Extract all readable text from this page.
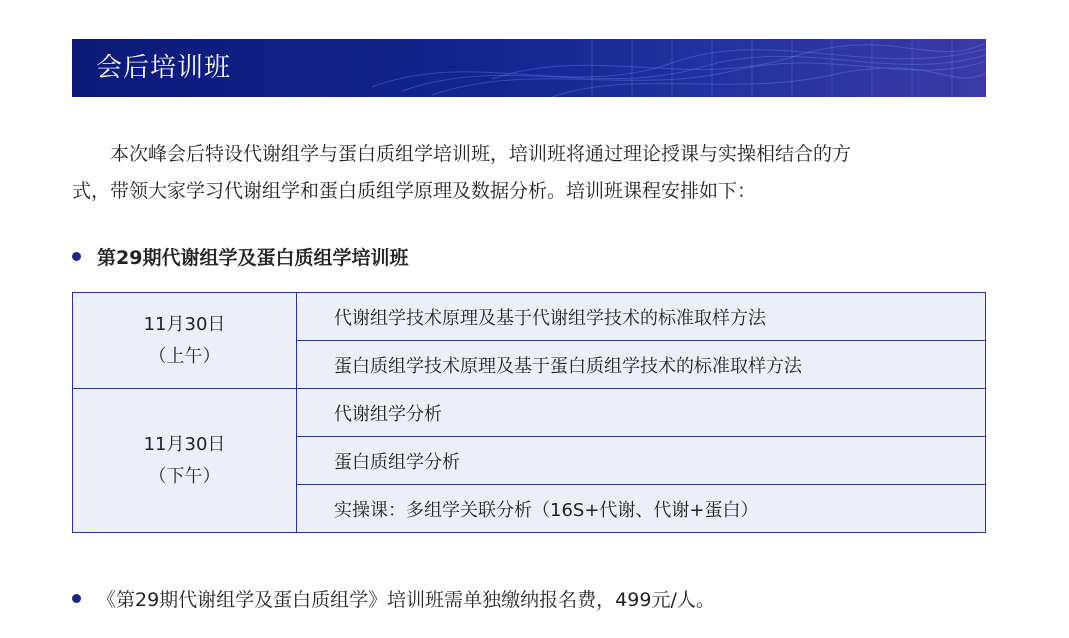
会后培训班

本次峰会后特设代谢组学与蛋白质组学培训班，培训班将通过理论授课与实操相结合的方
式，带领大家学习代谢组学和蛋白质组学原理及数据分析。培训班课程安排如下：

第29期代谢组学及蛋白质组学培训班
11月30日
（上午）	代谢组学技术原理及基于代谢组学技术的标准取样方法
	蛋白质组学技术原理及基于蛋白质组学技术的标准取样方法

11月30日
（下午）	代谢组学分析
	蛋白质组学分析
	实操课：多组学关联分析（16S+代谢、代谢+蛋白）
《第29期代谢组学及蛋白质组学》培训班需单独缴纳报名费，499元/人。
